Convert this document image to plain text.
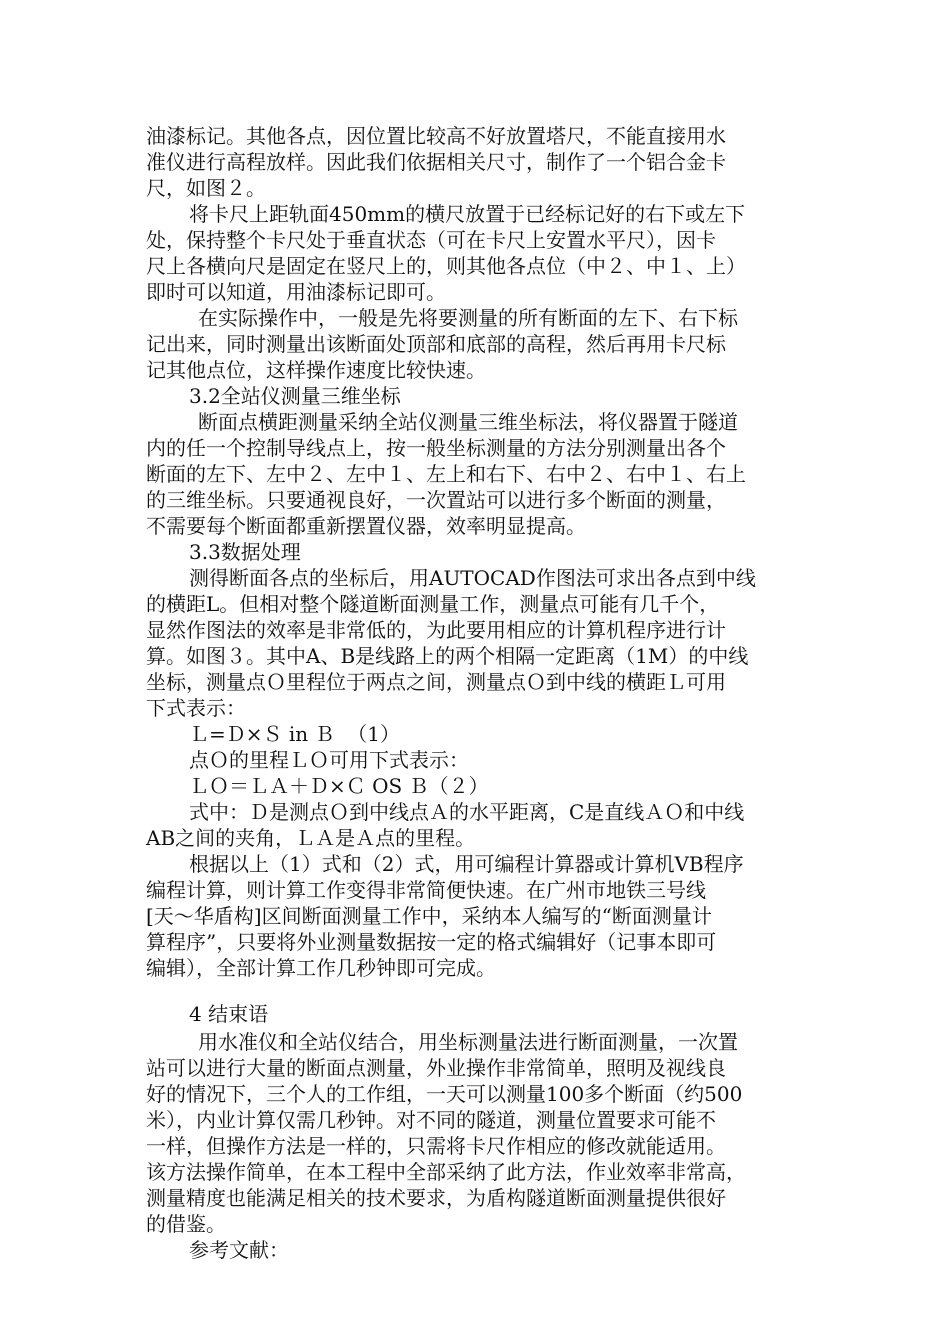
油漆标记。其他各点，因位置比较高不好放置塔尺，不能直接用水
准仪进行高程放样。因此我们依据相关尺寸，制作了一个铝合金卡
尺，如图２。
将卡尺上距轨面450mm的横尺放置于已经标记好的右下或左下
处，保持整个卡尺处于垂直状态（可在卡尺上安置水平尺），因卡
尺上各横向尺是固定在竖尺上的，则其他各点位（中２、中１、上）
即时可以知道，用油漆标记即可。
在实际操作中，一般是先将要测量的所有断面的左下、右下标
记出来，同时测量出该断面处顶部和底部的高程，然后再用卡尺标
记其他点位，这样操作速度比较快速。
3.2全站仪测量三维坐标
断面点横距测量采纳全站仪测量三维坐标法，将仪器置于隧道
内的任一个控制导线点上，按一般坐标测量的方法分别测量出各个
断面的左下、左中２、左中１、左上和右下、右中２、右中１、右上
的三维坐标。只要通视良好，一次置站可以进行多个断面的测量，
不需要每个断面都重新摆置仪器，效率明显提高。
3.3数据处理
测得断面各点的坐标后，用AUTOCAD作图法可求出各点到中线
的横距L。但相对整个隧道断面测量工作，测量点可能有几千个，
显然作图法的效率是非常低的，为此要用相应的计算机程序进行计
算。如图３。其中A、B是线路上的两个相隔一定距离（1M）的中线
坐标，测量点Ｏ里程位于两点之间，测量点Ｏ到中线的横距Ｌ可用
下式表示：
Ｌ=Ｄ×Ｓ in Ｂ  （1）
点Ｏ的里程ＬＯ可用下式表示：
ＬＯ＝ＬＡ＋Ｄ×Ｃ OS Ｂ（２）
式中：Ｄ是测点Ｏ到中线点Ａ的水平距离，C是直线ＡＯ和中线
AB之间的夹角，ＬＡ是Ａ点的里程。
根据以上（1）式和（2）式，用可编程计算器或计算机VB程序
编程计算，则计算工作变得非常简便快速。在广州市地铁三号线
[天～华盾构]区间断面测量工作中，采纳本人编写的“断面测量计
算程序”，只要将外业测量数据按一定的格式编辑好（记事本即可
编辑），全部计算工作几秒钟即可完成。
4 结束语
用水准仪和全站仪结合，用坐标测量法进行断面测量，一次置
站可以进行大量的断面点测量，外业操作非常简单，照明及视线良
好的情况下，三个人的工作组，一天可以测量100多个断面（约500
米），内业计算仅需几秒钟。对不同的隧道，测量位置要求可能不
一样，但操作方法是一样的，只需将卡尺作相应的修改就能适用。
该方法操作简单，在本工程中全部采纳了此方法，作业效率非常高，
测量精度也能满足相关的技术要求，为盾构隧道断面测量提供很好
的借鉴。
参考文献：
